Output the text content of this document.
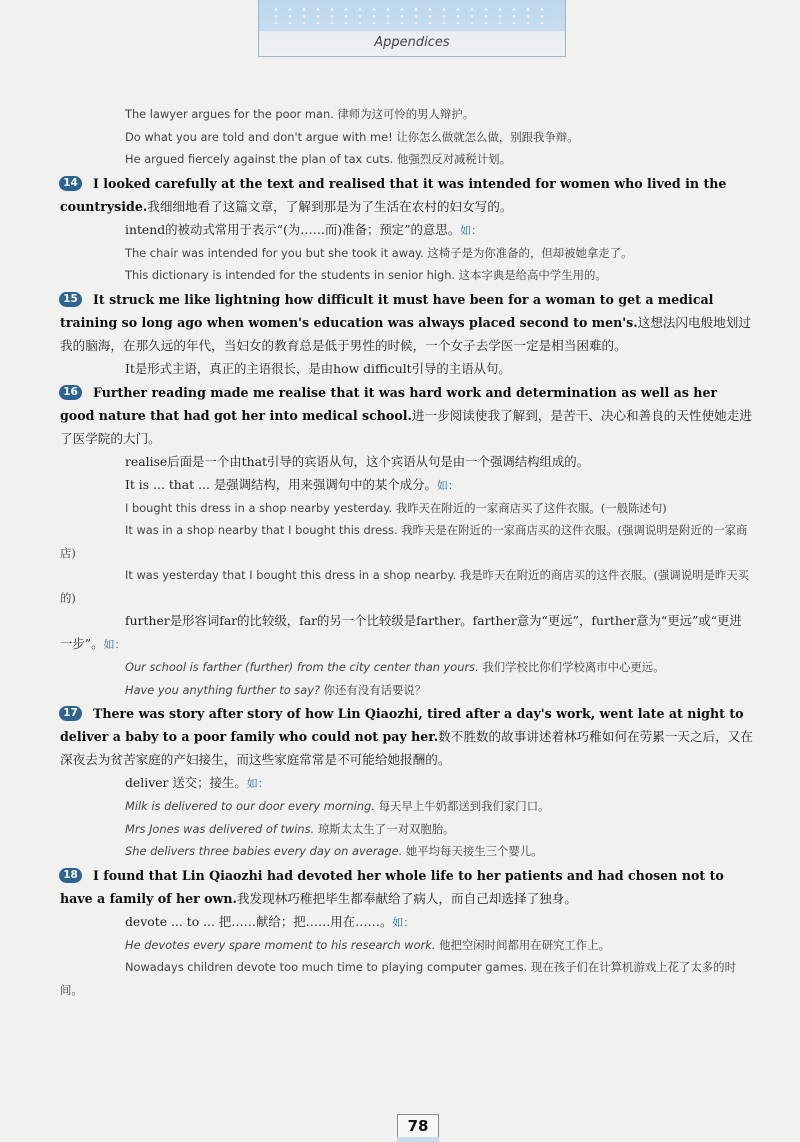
Appendices
The lawyer argues for the poor man. 律师为这可怜的男人辩护。
Do what you are told and don't argue with me! 让你怎么做就怎么做，别跟我争辩。
He argued fiercely against the plan of tax cuts. 他强烈反对减税计划。
14	I looked carefully at the text and realised that it was intended for women who lived in the countryside.我细细地看了这篇文章，了解到那是为了生活在农村的妇女写的。
intend的被动式常用于表示“(为……而)准备；预定”的意思。如：
The chair was intended for you but she took it away. 这椅子是为你准备的，但却被她拿走了。
This dictionary is intended for the students in senior high. 这本字典是给高中学生用的。
15	It struck me like lightning how difficult it must have been for a woman to get a medical training so long ago when women's education was always placed second to men's.这想法闪电般地划过我的脑海，在那久远的年代，当妇女的教育总是低于男性的时候，一个女子去学医一定是相当困难的。
It是形式主语，真正的主语很长，是由how difficult引导的主语从句。
16	Further reading made me realise that it was hard work and determination as well as her good nature that had got her into medical school.进一步阅读使我了解到，是苦干、决心和善良的天性使她走进了医学院的大门。
realise后面是一个由that引导的宾语从句，这个宾语从句是由一个强调结构组成的。
It is ... that ... 是强调结构，用来强调句中的某个成分。如：
I bought this dress in a shop nearby yesterday. 我昨天在附近的一家商店买了这件衣服。(一般陈述句)
It was in a shop nearby that I bought this dress. 我昨天是在附近的一家商店买的这件衣服。(强调说明是附近的一家商店)
It was yesterday that I bought this dress in a shop nearby. 我是昨天在附近的商店买的这件衣服。(强调说明是昨天买的)
further是形容词far的比较级，far的另一个比较级是farther。farther意为“更远”，further意为“更远”或“更进一步”。如：
Our school is farther (further) from the city center than yours. 我们学校比你们学校离市中心更远。
Have you anything further to say? 你还有没有话要说？
17	There was story after story of how Lin Qiaozhi, tired after a day's work, went late at night to deliver a baby to a poor family who could not pay her.数不胜数的故事讲述着林巧稚如何在劳累一天之后，又在深夜去为贫苦家庭的产妇接生，而这些家庭常常是不可能给她报酬的。
deliver 送交；接生。如：
Milk is delivered to our door every morning. 每天早上牛奶都送到我们家门口。
Mrs Jones was delivered of twins. 琼斯太太生了一对双胞胎。
She delivers three babies every day on average. 她平均每天接生三个婴儿。
18	I found that Lin Qiaozhi had devoted her whole life to her patients and had chosen not to have a family of her own.我发现林巧稚把毕生都奉献给了病人，而自己却选择了独身。
devote ... to ... 把……献给；把……用在……。如：
He devotes every spare moment to his research work. 他把空闲时间都用在研究工作上。
Nowadays children devote too much time to playing computer games. 现在孩子们在计算机游戏上花了太多的时间。
78
